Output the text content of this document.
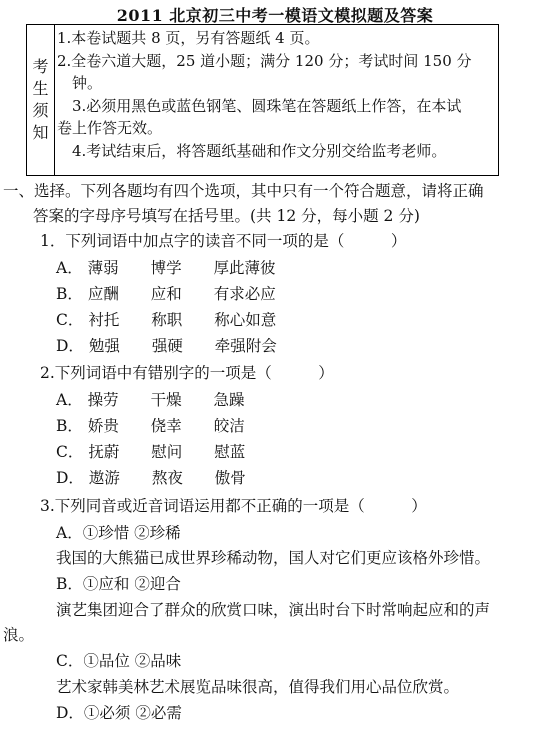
2011 北京初三中考一模语文模拟题及答案
考
生
须
知
1.本卷试题共 8 页，另有答题纸 4 页。
2.全卷六道大题，25 道小题；满分 120 分；考试时间 150 分
　钟。
　3.必须用黑色或蓝色钢笔、圆珠笔在答题纸上作答，在本试
卷上作答无效。
　4.考试结束后，将答题纸基础和作文分别交给监考老师。
一、选择。下列各题均有四个选项，其中只有一个符合题意，请将正确
答案的字母序号填写在括号里。(共 12 分，每小题 2 分)
1．下列词语中加点字的读音不同一项的是（　　　）
A． 薄弱 博学 厚此薄彼
B． 应酬 应和 有求必应
C． 衬托 称职 称心如意
D． 勉强 强硬 牵强附会
2.下列词语中有错别字的一项是（　　　）
A． 操劳 干燥 急躁
B． 娇贵 侥幸 皎洁
C． 抚蔚 慰问 慰蓝
D． 遨游 熬夜 傲骨
3.下列同音或近音词语运用都不正确的一项是（　　　）
A．①珍惜 ②珍稀
我国的大熊猫已成世界珍稀动物，国人对它们更应该格外珍惜。
B．①应和 ②迎合
演艺集团迎合了群众的欣赏口味，演出时台下时常响起应和的声
浪。
C．①品位 ②品味
艺术家韩美林艺术展览品味很高，值得我们用心品位欣赏。
D．①必须 ②必需
